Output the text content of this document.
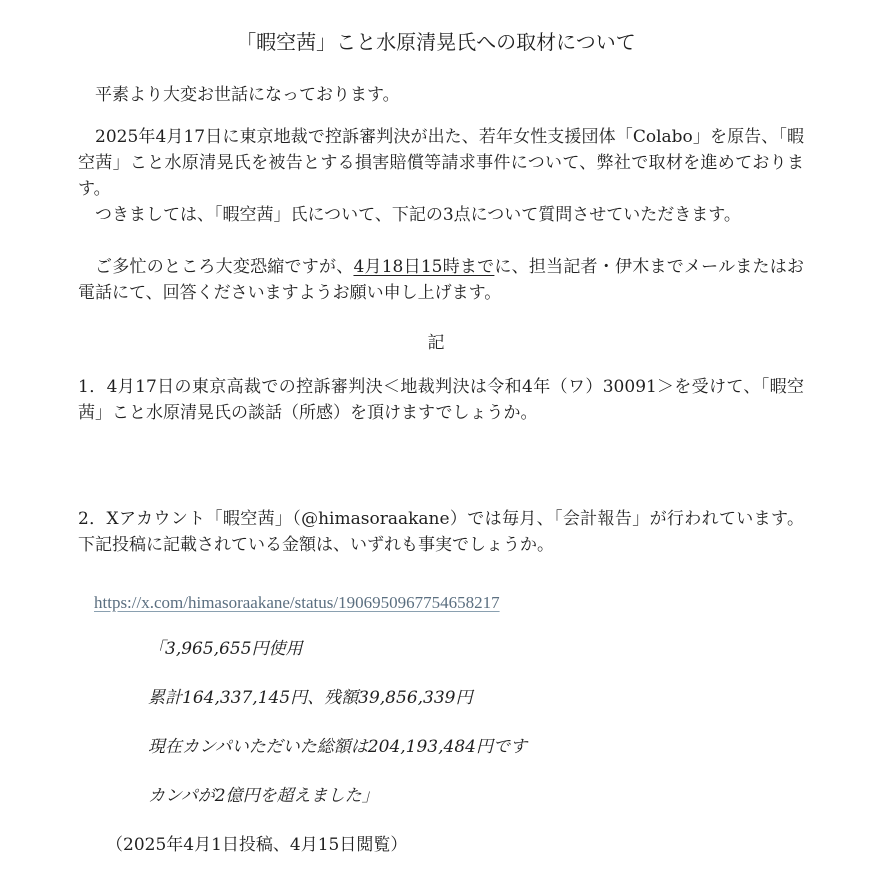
「暇空茜」こと水原清晃氏への取材について

平素より大変お世話になっております。

2025年4月17日に東京地裁で控訴審判決が出た、若年女性支援団体「Colabo」を原告、「暇空茜」こと水原清晃氏を被告とする損害賠償等請求事件について、弊社で取材を進めております。

つきましては、「暇空茜」氏について、下記の3点について質問させていただきます。

ご多忙のところ大変恐縮ですが、4月18日15時までに、担当記者・伊木までメールまたはお電話にて、回答くださいますようお願い申し上げます。

記

1．4月17日の東京高裁での控訴審判決＜地裁判決は令和4年（ワ）30091＞を受けて、「暇空茜」こと水原清晃氏の談話（所感）を頂けますでしょうか。

2．Xアカウント「暇空茜」（@himasoraakane）では毎月、「会計報告」が行われています。下記投稿に記載されている金額は、いずれも事実でしょうか。

https://x.com/himasoraakane/status/1906950967754658217
「3,965,655円使用
累計164,337,145円、残額39,856,339円
現在カンパいただいた総額は204,193,484円です
カンパが2億円を超えました」
（2025年4月1日投稿、4月15日閲覧）
